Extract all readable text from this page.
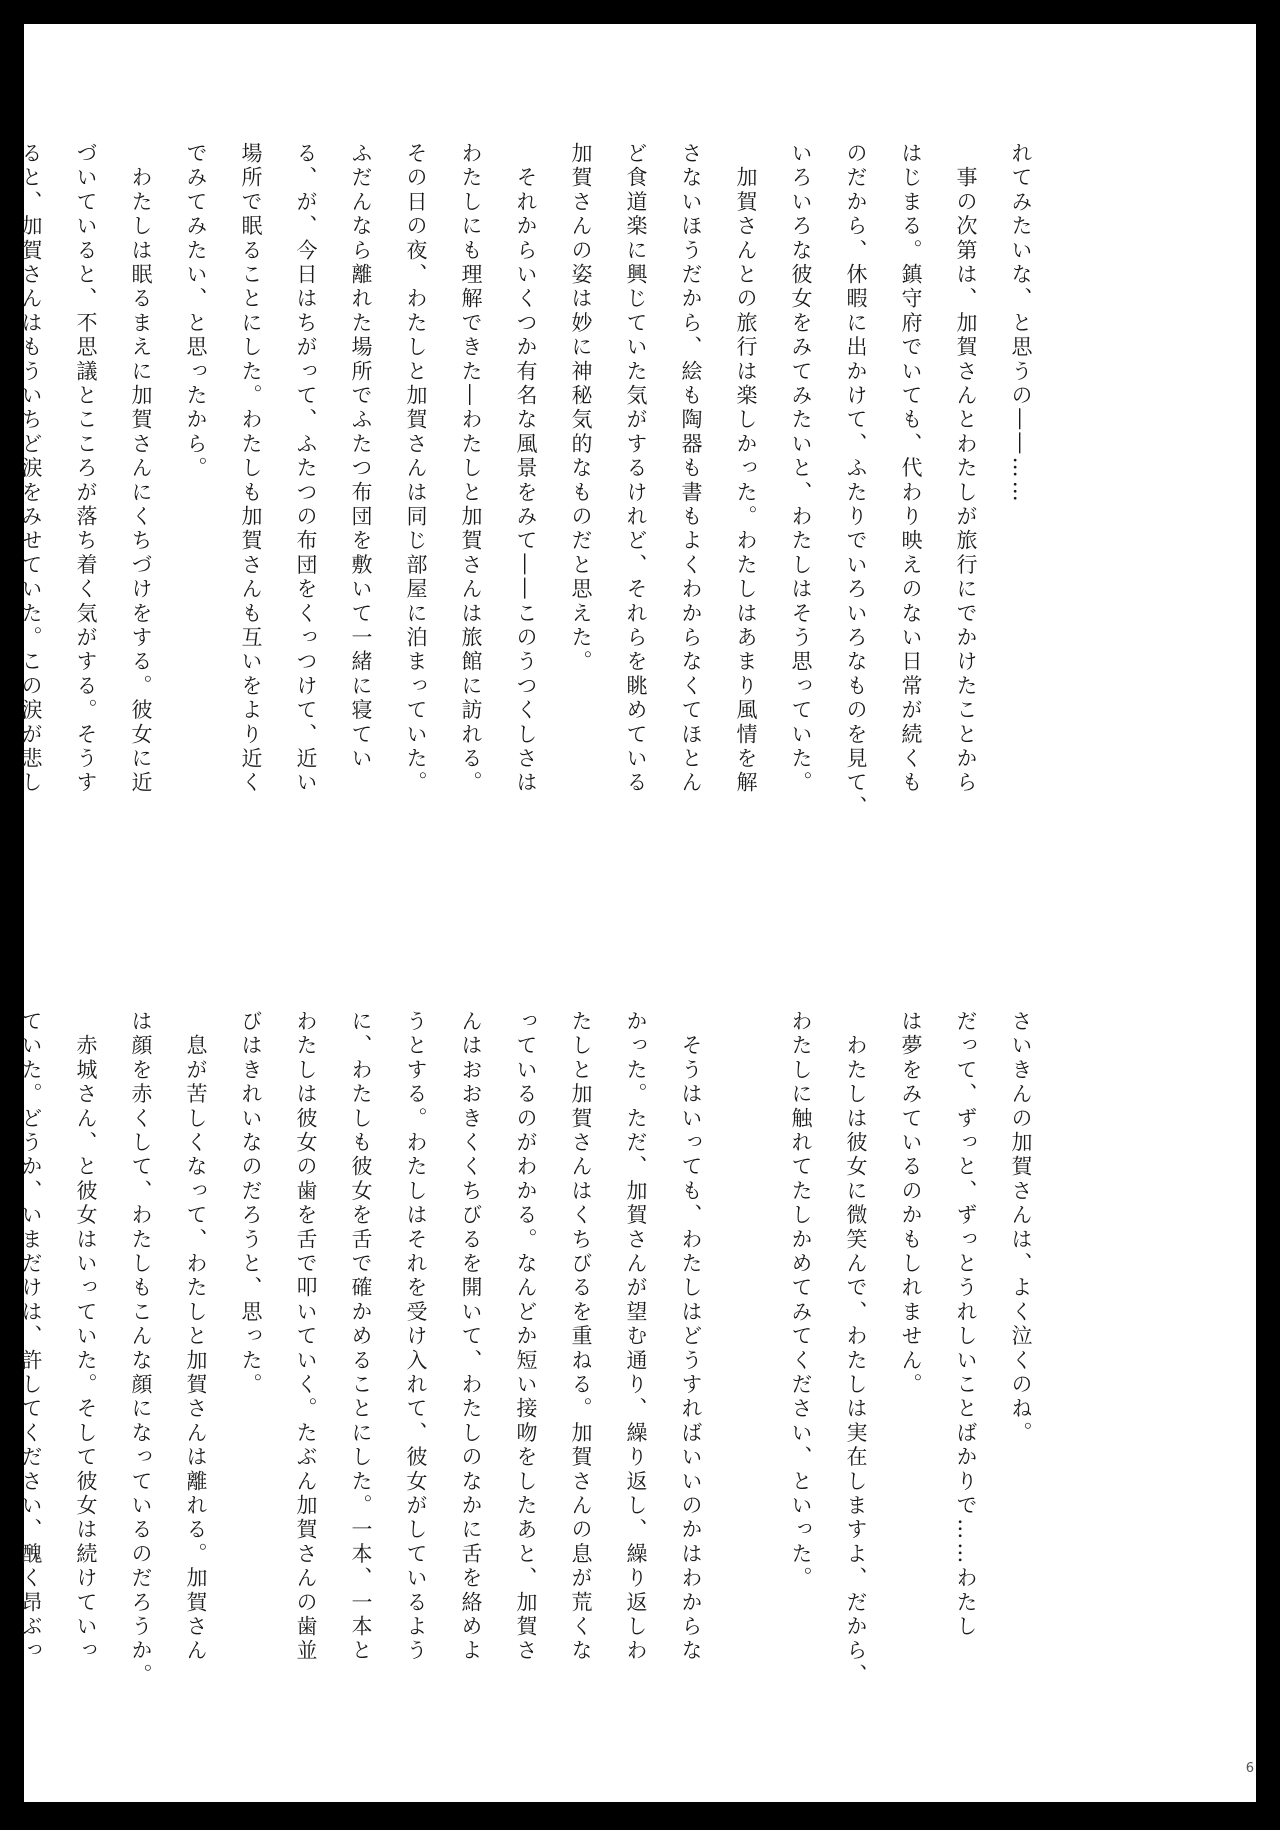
れてみたいな、と思うの――……

　事の次第は、加賀さんとわたしが旅行にでかけたことから

はじまる。鎮守府でいても、代わり映えのない日常が続くも

のだから、休暇に出かけて、ふたりでいろいろなものを見て、

いろいろな彼女をみてみたいと、わたしはそう思っていた。

　加賀さんとの旅行は楽しかった。わたしはあまり風情を解

さないほうだから、絵も陶器も書もよくわからなくてほとん

ど食道楽に興じていた気がするけれど、それらを眺めている

加賀さんの姿は妙に神秘気的なものだと思えた。

　それからいくつか有名な風景をみて――このうつくしさは

わたしにも理解できた―わたしと加賀さんは旅館に訪れる。

その日の夜、わたしと加賀さんは同じ部屋に泊まっていた。

ふだんなら離れた場所でふたつ布団を敷いて一緒に寝てい

る、が、今日はちがって、ふたつの布団をくっつけて、近い

場所で眠ることにした。わたしも加賀さんも互いをより近く

でみてみたい、と思ったから。

　わたしは眠るまえに加賀さんにくちづけをする。彼女に近

づいていると、不思議とこころが落ち着く気がする。そうす

ると、加賀さんはもういちど涙をみせていた。この涙が悲し

さいきんの加賀さんは、よく泣くのね。

だって、ずっと、ずっとうれしいことばかりで……わたし

は夢をみているのかもしれません。

　わたしは彼女に微笑んで、わたしは実在しますよ、だから、

わたしに触れてたしかめてみてください、といった。

　そうはいっても、わたしはどうすればいいのかはわからな

かった。ただ、加賀さんが望む通り、繰り返し、繰り返しわ

たしと加賀さんはくちびるを重ねる。加賀さんの息が荒くな

っているのがわかる。なんどか短い接吻をしたあと、加賀さ

んはおおきくくちびるを開いて、わたしのなかに舌を絡めよ

うとする。わたしはそれを受け入れて、彼女がしているよう

に、わたしも彼女を舌で確かめることにした。一本、一本と

わたしは彼女の歯を舌で叩いていく。たぶん加賀さんの歯並

びはきれいなのだろうと、思った。

　息が苦しくなって、わたしと加賀さんは離れる。加賀さん

は顔を赤くして、わたしもこんな顔になっているのだろうか。

　赤城さん、と彼女はいっていた。そして彼女は続けていっ

ていた。どうか、いまだけは、許してください、醜く昂ぶっ

6
